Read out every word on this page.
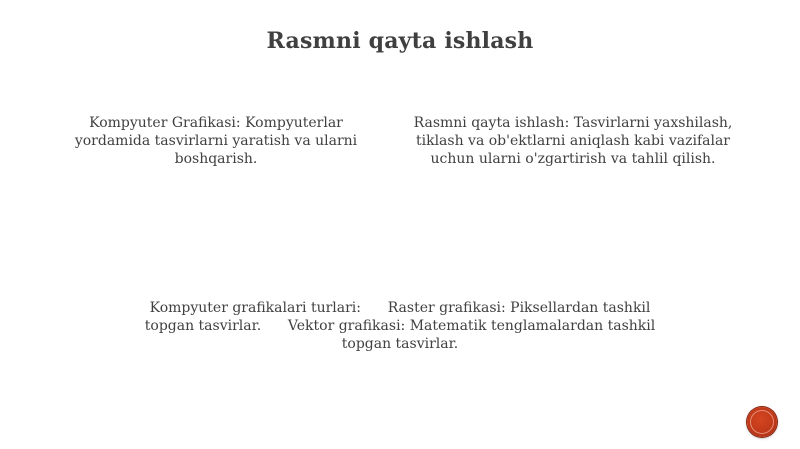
Rasmni qayta ishlash
Kompyuter Grafikasi: Kompyuterlar yordamida tasvirlarni yaratish va ularni boshqarish.
Rasmni qayta ishlash: Tasvirlarni yaxshilash, tiklash va ob'ektlarni aniqlash kabi vazifalar uchun ularni o'zgartirish va tahlil qilish.
Kompyuter grafikalari turlari:      Raster grafikasi: Piksellardan tashkil topgan tasvirlar.      Vektor grafikasi: Matematik tenglamalardan tashkil topgan tasvirlar.
